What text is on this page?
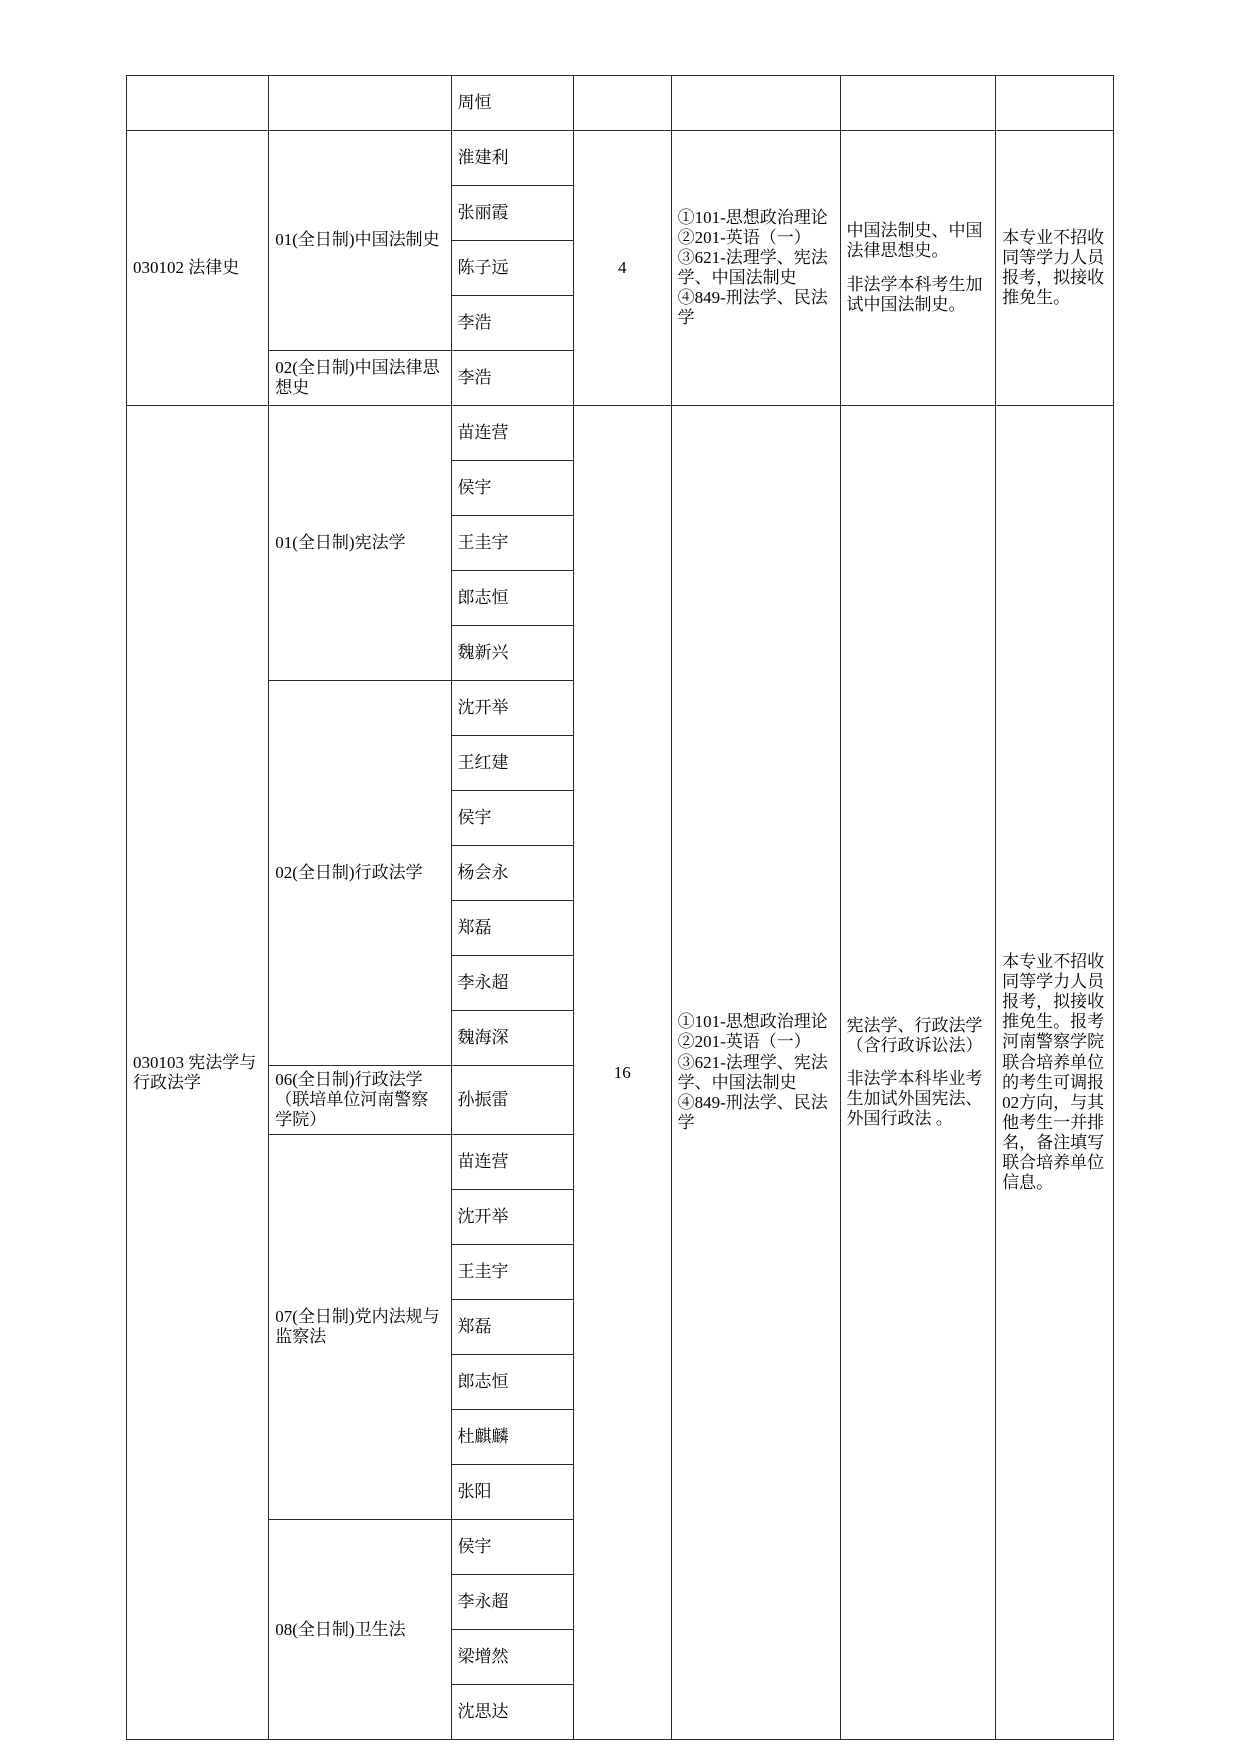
		周恒				
030102 法律史	01(全日制)中国法制史	淮建利	4	①101-思想政治理论
②201-英语（一）
③621-法理学、宪法学、中国法制史
④849-刑法学、民法学	中国法制史、中国法律思想史。
非法学本科考生加试中国法制史。	本专业不招收同等学力人员报考，拟接收推免生。
		张丽霞				
		陈子远				
		李浩				
	02(全日制)中国法律思想史	李浩				
030103 宪法学与行政法学	01(全日制)宪法学	苗连营	16	①101-思想政治理论
②201-英语（一）
③621-法理学、宪法学、中国法制史
④849-刑法学、民法学	宪法学、行政法学（含行政诉讼法）
非法学本科毕业考生加试外国宪法、外国行政法 。	本专业不招收同等学力人员报考，拟接收推免生。报考河南警察学院联合培养单位的考生可调报02方向，与其他考生一并排名，备注填写联合培养单位信息。
		侯宇				
		王圭宇				
		郎志恒				
		魏新兴				
	02(全日制)行政法学	沈开举				
		王红建				
		侯宇				
		杨会永				
		郑磊				
		李永超				
		魏海深				
	06(全日制)行政法学（联培单位河南警察学院）	孙振雷				
	07(全日制)党内法规与监察法	苗连营				
		沈开举				
		王圭宇				
		郑磊				
		郎志恒				
		杜麒麟				
		张阳				
	08(全日制)卫生法	侯宇				
		李永超				
		梁增然				
		沈思达				
